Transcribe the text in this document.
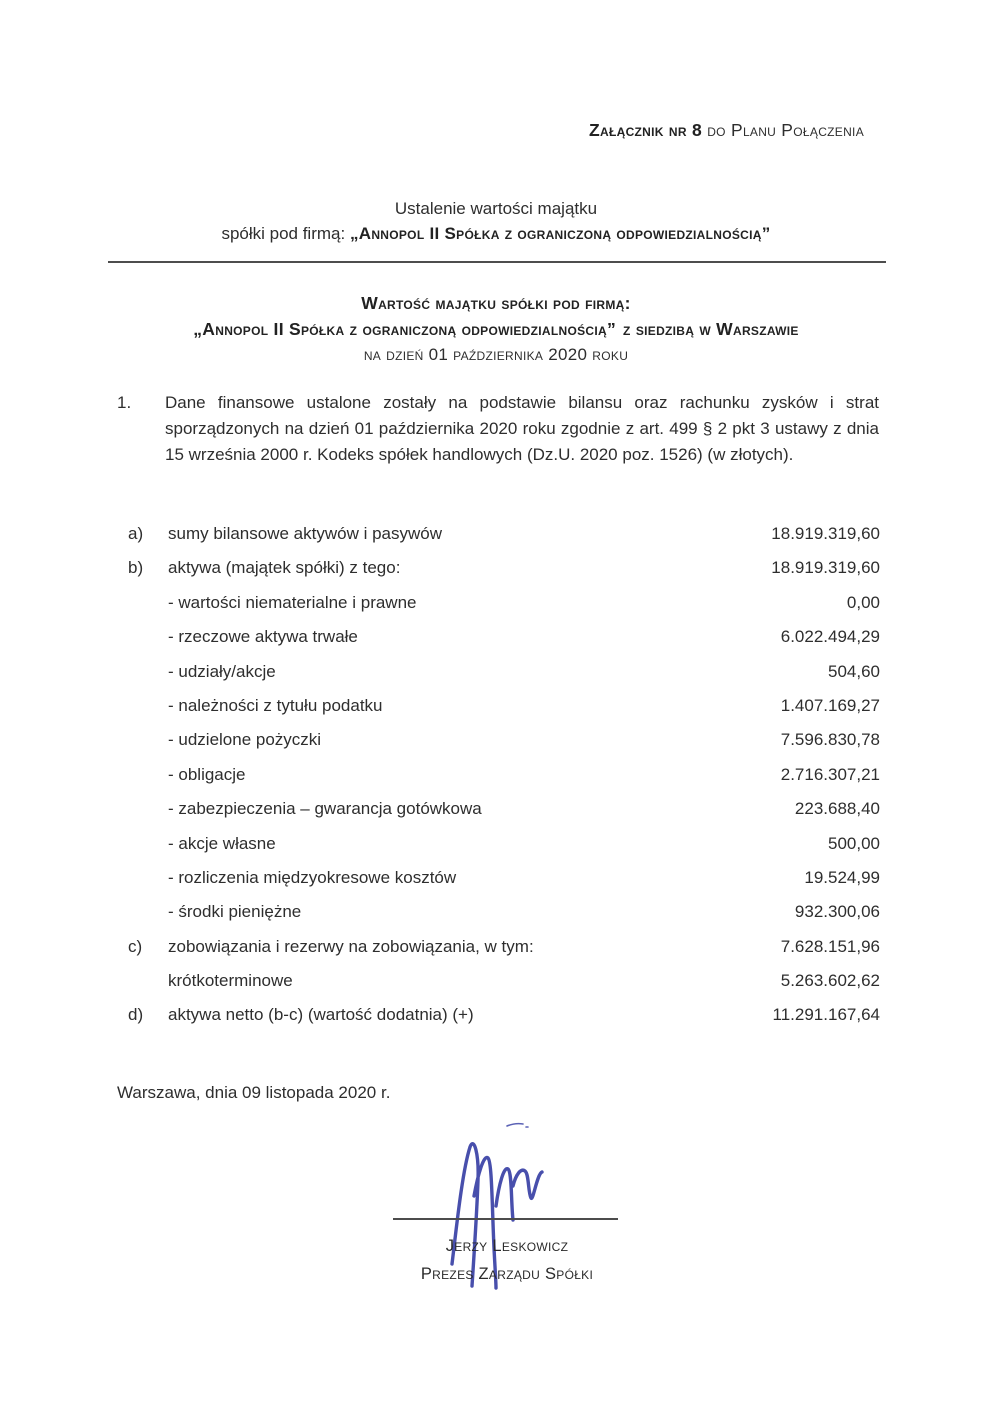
Załącznik nr 8 do Planu Połączenia
Ustalenie wartości majątku
spółki pod firmą: „Annopol II Spółka z ograniczoną odpowiedzialnością”
Wartość majątku spółki pod firmą:
„Annopol II Spółka z ograniczoną odpowiedzialnością” z siedzibą w Warszawie
na dzień 01 października 2020 roku
1. Dane finansowe ustalone zostały na podstawie bilansu oraz rachunku zysków i strat sporządzonych na dzień 01 października 2020 roku zgodnie z art. 499 § 2 pkt 3 ustawy z dnia 15 września 2000 r. Kodeks spółek handlowych (Dz.U. 2020 poz. 1526) (w złotych).
a)	sumy bilansowe aktywów i pasywów	18.919.319,60
b)	aktywa (majątek spółki) z tego:	18.919.319,60
- wartości niematerialne i prawne	0,00
- rzeczowe aktywa trwałe	6.022.494,29
- udziały/akcje	504,60
- należności z tytułu podatku	1.407.169,27
- udzielone pożyczki	7.596.830,78
- obligacje	2.716.307,21
- zabezpieczenia – gwarancja gotówkowa	223.688,40
- akcje własne	500,00
- rozliczenia międzyokresowe kosztów	19.524,99
- środki pieniężne	932.300,06
c)	zobowiązania i rezerwy na zobowiązania, w tym:	7.628.151,96
krótkoterminowe	5.263.602,62
d)	aktywa netto (b-c) (wartość dodatnia) (+)	11.291.167,64
Warszawa, dnia 09 listopada 2020 r.
Jerzy Leskowicz
Prezes Zarządu Spółki
